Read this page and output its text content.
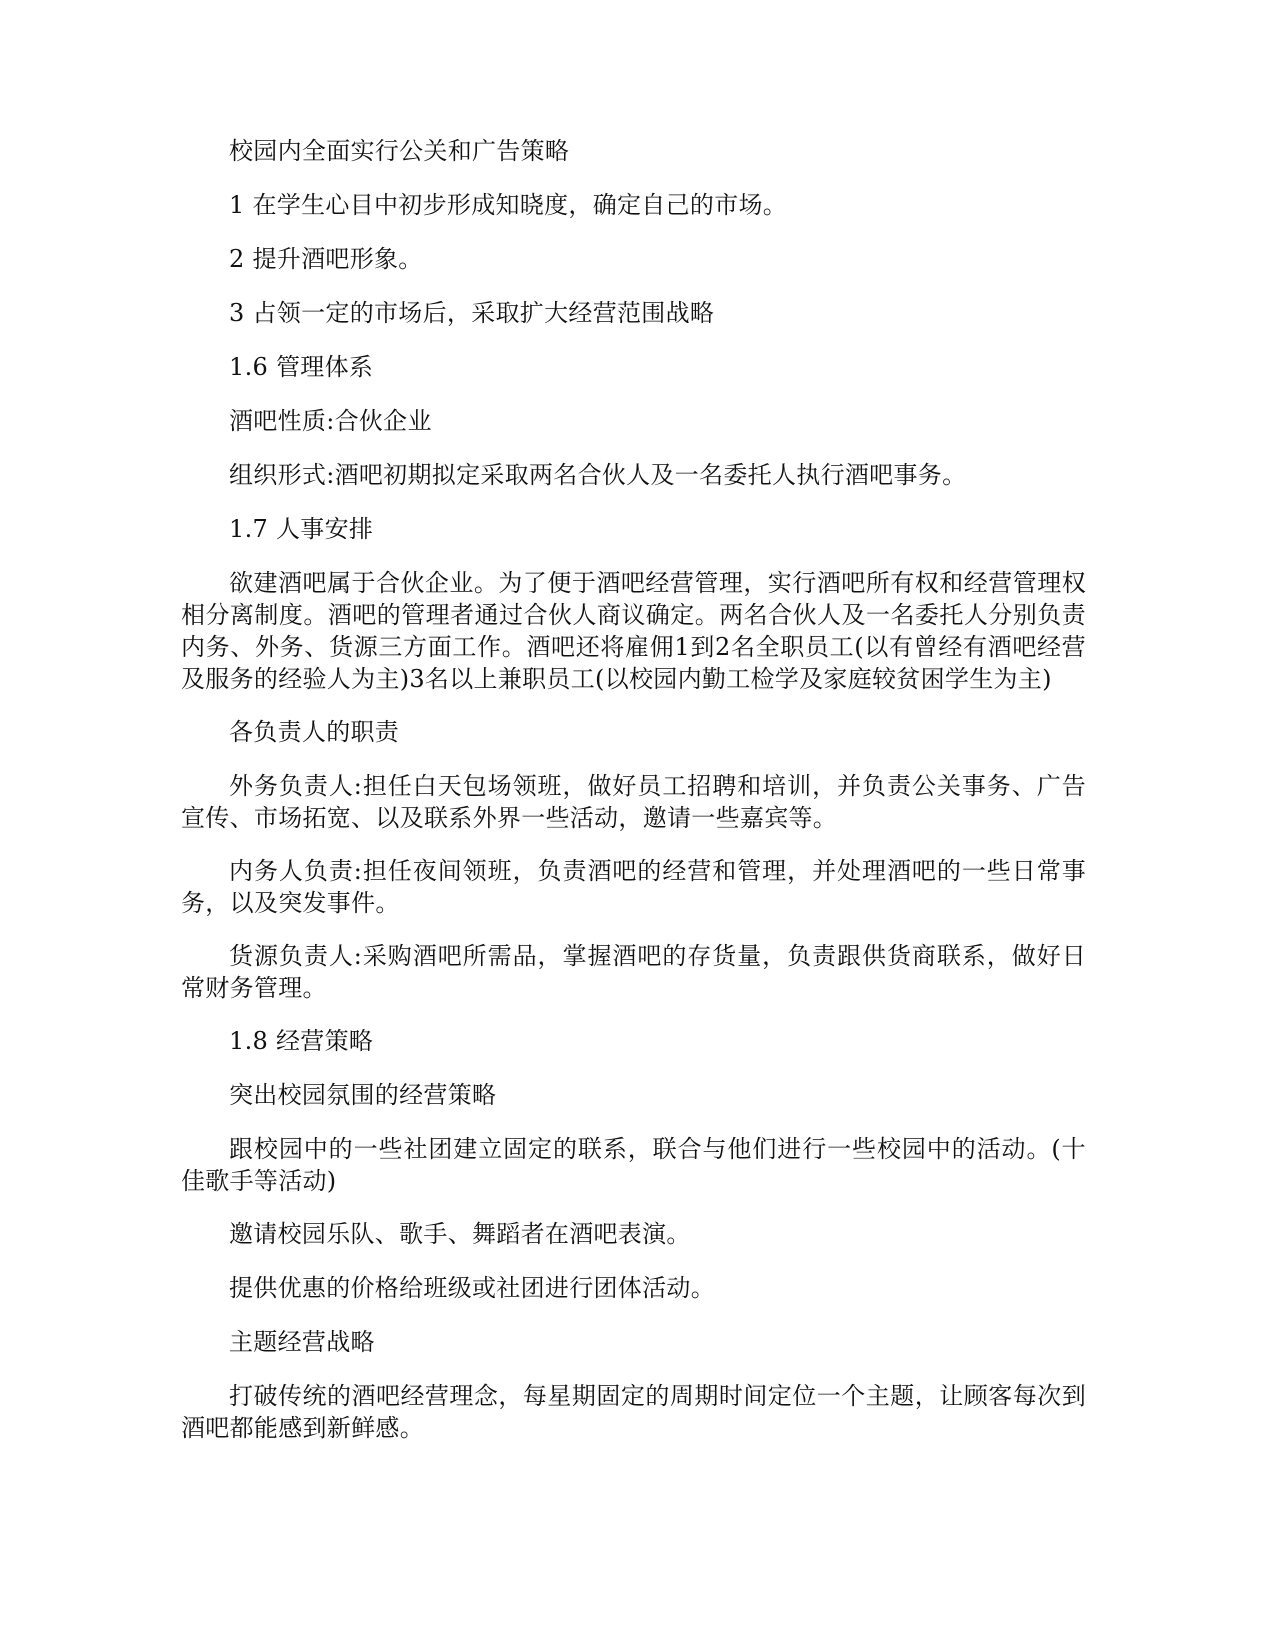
校园内全面实行公关和广告策略

1 在学生心目中初步形成知晓度，确定自己的市场。

2 提升酒吧形象。

3 占领一定的市场后，采取扩大经营范围战略

1.6 管理体系

酒吧性质:合伙企业

组织形式:酒吧初期拟定采取两名合伙人及一名委托人执行酒吧事务。

1.7 人事安排

欲建酒吧属于合伙企业。为了便于酒吧经营管理，实行酒吧所有权和经营管理权相分离制度。酒吧的管理者通过合伙人商议确定。两名合伙人及一名委托人分别负责内务、外务、货源三方面工作。酒吧还将雇佣1到2名全职员工(以有曾经有酒吧经营及服务的经验人为主)3名以上兼职员工(以校园内勤工检学及家庭较贫困学生为主)

各负责人的职责

外务负责人:担任白天包场领班，做好员工招聘和培训，并负责公关事务、广告宣传、市场拓宽、以及联系外界一些活动，邀请一些嘉宾等。

内务人负责:担任夜间领班，负责酒吧的经营和管理，并处理酒吧的一些日常事务，以及突发事件。

货源负责人:采购酒吧所需品，掌握酒吧的存货量，负责跟供货商联系，做好日常财务管理。

1.8 经营策略

突出校园氛围的经营策略

跟校园中的一些社团建立固定的联系，联合与他们进行一些校园中的活动。(十佳歌手等活动)

邀请校园乐队、歌手、舞蹈者在酒吧表演。

提供优惠的价格给班级或社团进行团体活动。

主题经营战略

打破传统的酒吧经营理念，每星期固定的周期时间定位一个主题，让顾客每次到酒吧都能感到新鲜感。
